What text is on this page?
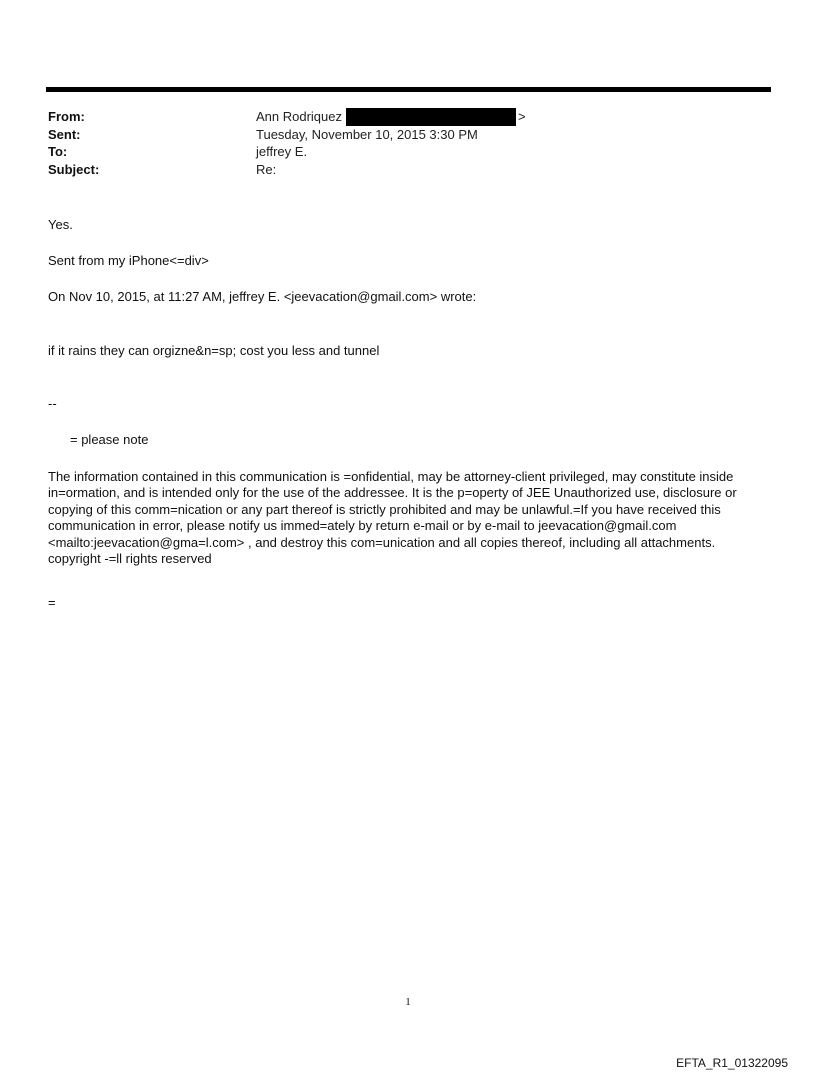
From:	Ann Rodriquez	>
Sent:	Tuesday, November 10, 2015 3:30 PM
To:	jeffrey E.
Subject:	Re:

Yes.

Sent from my iPhone<=div>

On Nov 10, 2015, at 11:27 AM, jeffrey E. <jeevacation@gmail.com> wrote:

if it rains they can orgizne&n=sp; cost you less and tunnel

--

= please note

The information contained in this communication is =onfidential, may be attorney-client privileged, may constitute inside in=ormation, and is intended only for the use of the addressee. It is the p=operty of JEE Unauthorized use, disclosure or copying of this comm=nication or any part thereof is strictly prohibited and may be unlawful.=If you have received this communication in error, please notify us immed=ately by return e-mail or by e-mail to jeevacation@gmail.com <mailto:jeevacation@gma=l.com> , and destroy this com=unication and all copies thereof, including all attachments. copyright -=ll rights reserved

=

1
EFTA_R1_01322095
